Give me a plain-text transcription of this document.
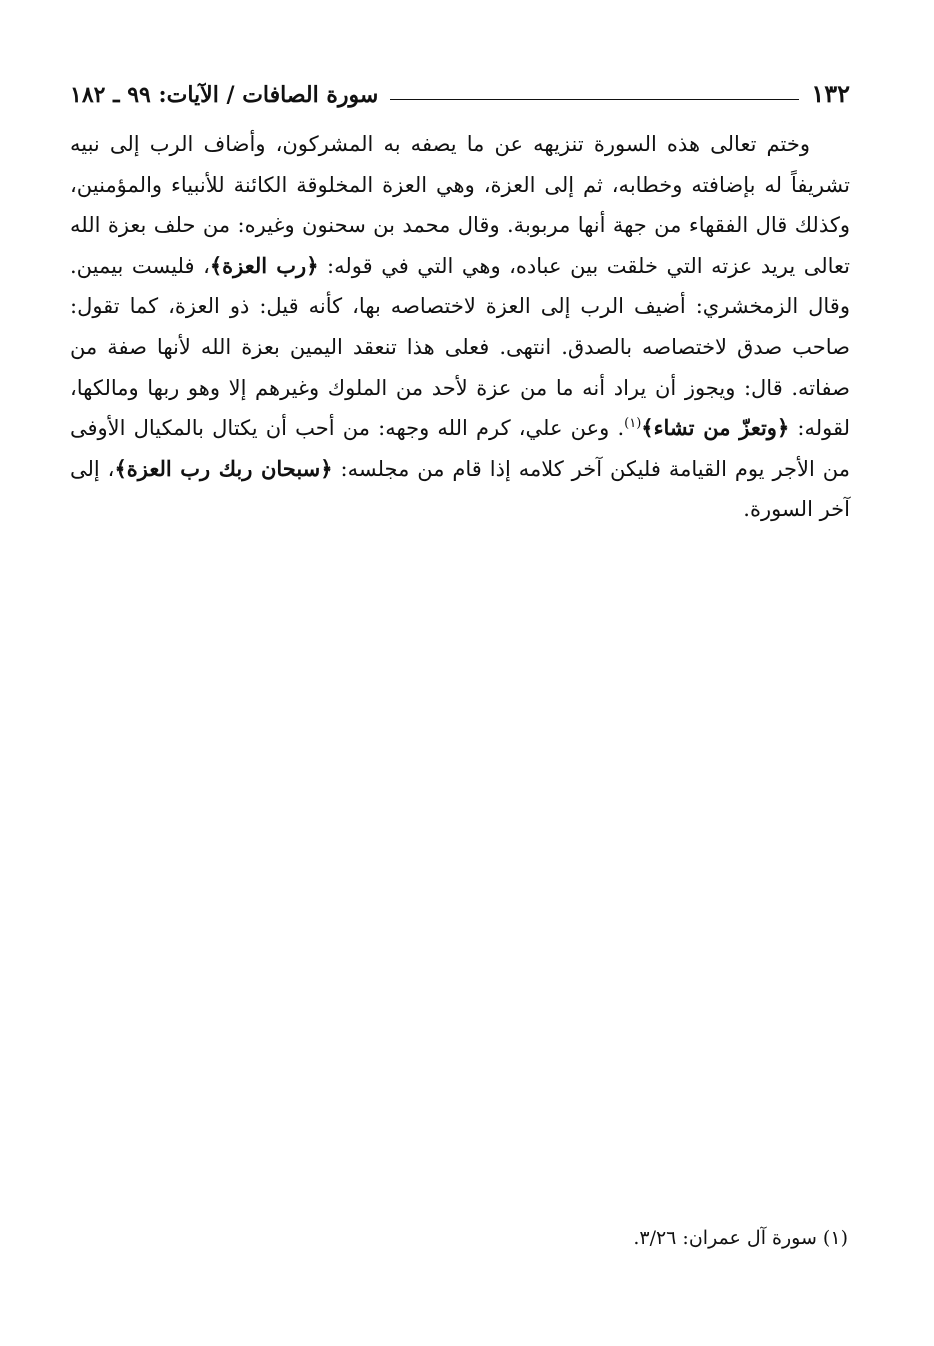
١٣٢
سورة الصافات / الآيات: ٩٩ ـ ١٨٢

وختم تعالى هذه السورة تنزيهه عن ما يصفه به المشركون، وأضاف الرب إلى نبيه تشريفاً له بإضافته وخطابه، ثم إلى العزة، وهي العزة المخلوقة الكائنة للأنبياء والمؤمنين، وكذلك قال الفقهاء من جهة أنها مربوبة. وقال محمد بن سحنون وغيره: من حلف بعزة الله تعالى يريد عزته التي خلقت بين عباده، وهي التي في قوله: ﴿رب العزة﴾، فليست بيمين. وقال الزمخشري: أضيف الرب إلى العزة لاختصاصه بها، كأنه قيل: ذو العزة، كما تقول: صاحب صدق لاختصاصه بالصدق. انتهى. فعلى هذا تنعقد اليمين بعزة الله لأنها صفة من صفاته. قال: ويجوز أن يراد أنه ما من عزة لأحد من الملوك وغيرهم إلا وهو ربها ومالكها، لقوله: ﴿وتعزّ من تشاء﴾$^{(١)}$. وعن علي، كرم الله وجهه: من أحب أن يكتال بالمكيال الأوفى من الأجر يوم القيامة فليكن آخر كلامه إذا قام من مجلسه: ﴿سبحان ربك رب العزة﴾، إلى آخر السورة.

(١) سورة آل عمران: ٣/٢٦.
